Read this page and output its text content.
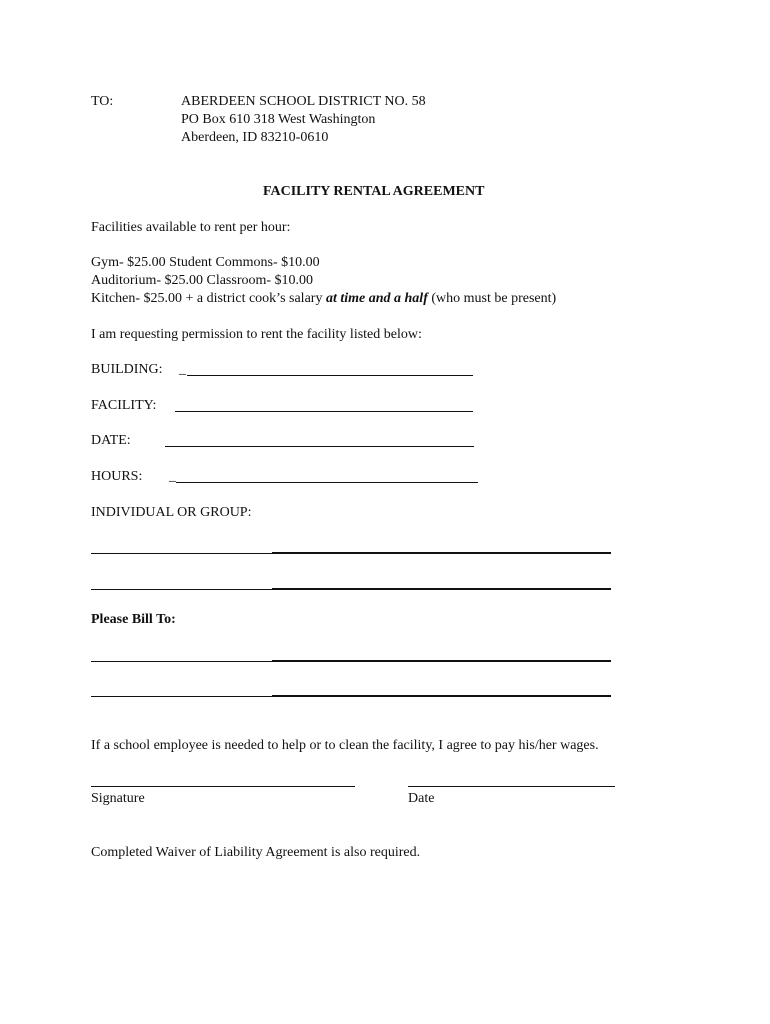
TO:	ABERDEEN SCHOOL DISTRICT NO. 58
PO Box 610 318 West Washington
Aberdeen, ID 83210-0610
FACILITY RENTAL AGREEMENT
Facilities available to rent per hour:
Gym- $25.00 Student Commons- $10.00
Auditorium- $25.00 Classroom- $10.00
Kitchen- $25.00 + a district cook’s salary at time and a half (who must be present)
I am requesting permission to rent the facility listed below:
BUILDING: _
FACILITY:
DATE:
HOURS: _
INDIVIDUAL OR GROUP:
Please Bill To:
If a school employee is needed to help or to clean the facility, I agree to pay his/her wages.
Signature	Date
Completed Waiver of Liability Agreement is also required.
